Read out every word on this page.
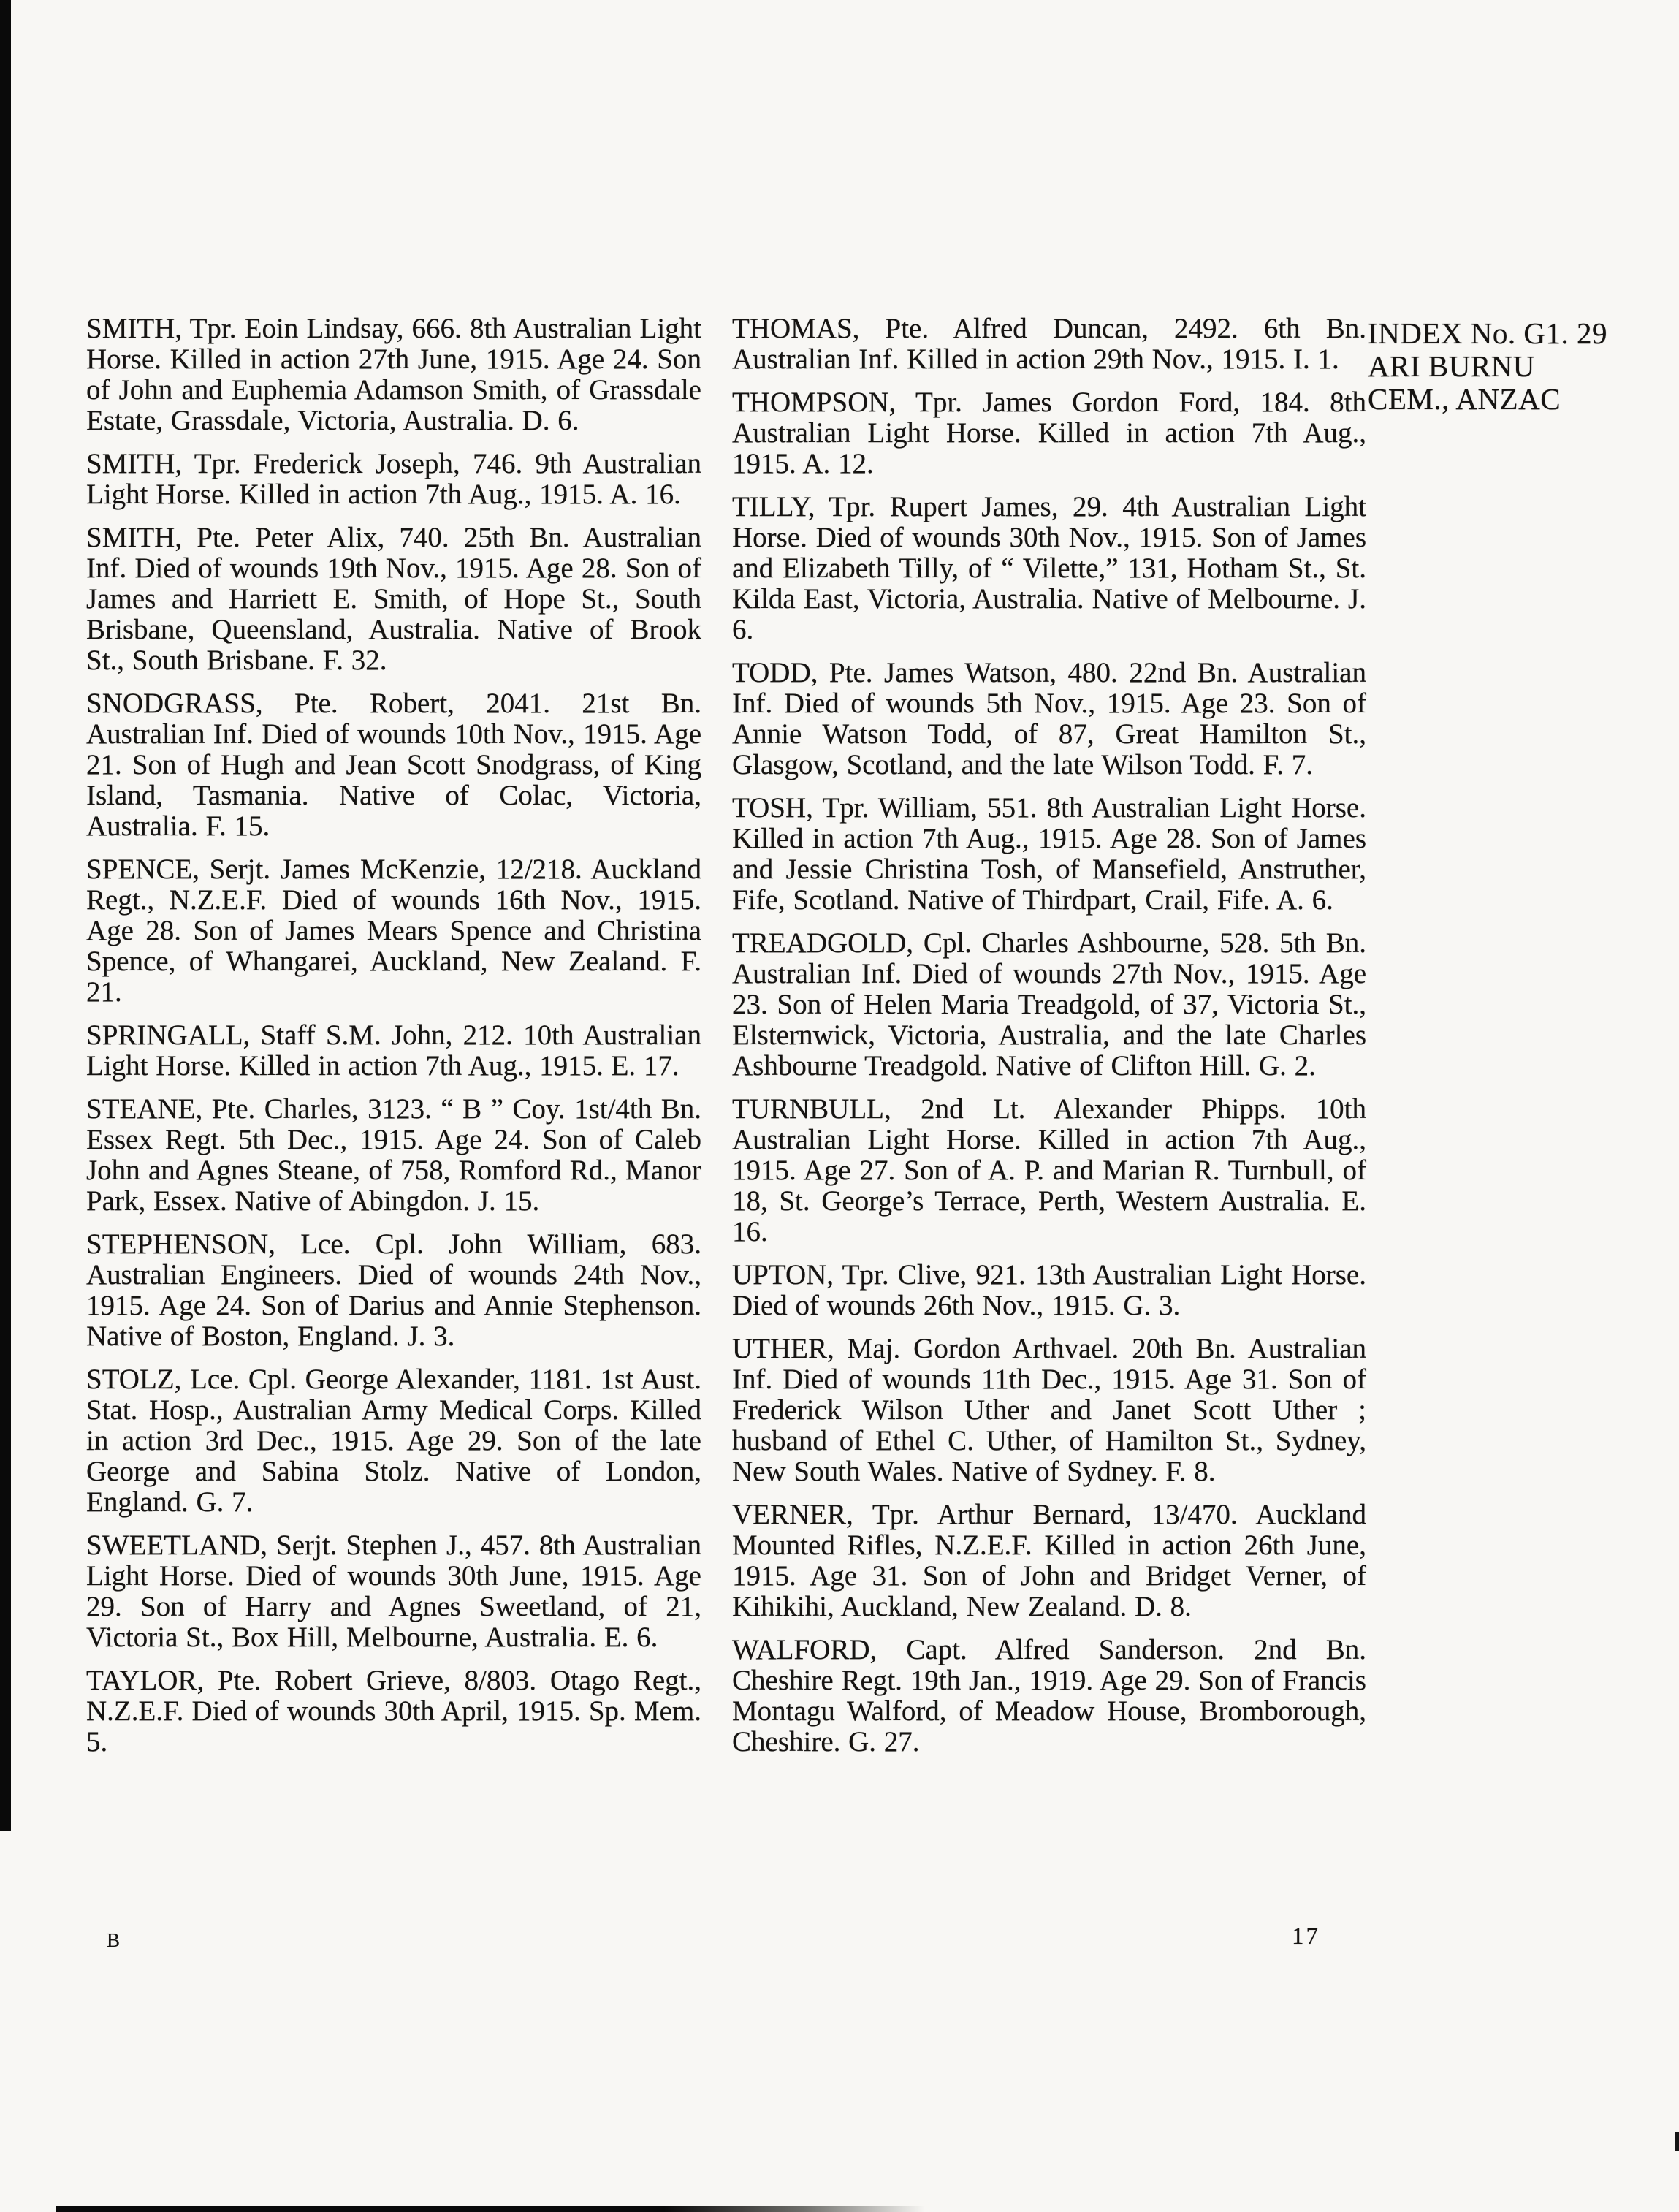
INDEX No. G1. 29
ARI BURNU
CEM., ANZAC

SMITH, Tpr. Eoin Lindsay, 666. 8th Australian Light Horse. Killed in action 27th June, 1915. Age 24. Son of John and Euphemia Adamson Smith, of Grassdale Estate, Grassdale, Victoria, Australia. D. 6.

SMITH, Tpr. Frederick Joseph, 746. 9th Australian Light Horse. Killed in action 7th Aug., 1915. A. 16.

SMITH, Pte. Peter Alix, 740. 25th Bn. Australian Inf. Died of wounds 19th Nov., 1915. Age 28. Son of James and Harriett E. Smith, of Hope St., South Brisbane, Queensland, Australia. Native of Brook St., South Brisbane. F. 32.

SNODGRASS, Pte. Robert, 2041. 21st Bn. Australian Inf. Died of wounds 10th Nov., 1915. Age 21. Son of Hugh and Jean Scott Snodgrass, of King Island, Tasmania. Native of Colac, Victoria, Australia. F. 15.

SPENCE, Serjt. James McKenzie, 12/218. Auckland Regt., N.Z.E.F. Died of wounds 16th Nov., 1915. Age 28. Son of James Mears Spence and Christina Spence, of Whangarei, Auckland, New Zealand. F. 21.

SPRINGALL, Staff S.M. John, 212. 10th Australian Light Horse. Killed in action 7th Aug., 1915. E. 17.

STEANE, Pte. Charles, 3123. “ B ” Coy. 1st/4th Bn. Essex Regt. 5th Dec., 1915. Age 24. Son of Caleb John and Agnes Steane, of 758, Romford Rd., Manor Park, Essex. Native of Abingdon. J. 15.

STEPHENSON, Lce. Cpl. John William, 683. Australian Engineers. Died of wounds 24th Nov., 1915. Age 24. Son of Darius and Annie Stephenson. Native of Boston, England. J. 3.

STOLZ, Lce. Cpl. George Alexander, 1181. 1st Aust. Stat. Hosp., Australian Army Medical Corps. Killed in action 3rd Dec., 1915. Age 29. Son of the late George and Sabina Stolz. Native of London, England. G. 7.

SWEETLAND, Serjt. Stephen J., 457. 8th Australian Light Horse. Died of wounds 30th June, 1915. Age 29. Son of Harry and Agnes Sweetland, of 21, Victoria St., Box Hill, Melbourne, Australia. E. 6.

TAYLOR, Pte. Robert Grieve, 8/803. Otago Regt., N.Z.E.F. Died of wounds 30th April, 1915. Sp. Mem. 5.

THOMAS, Pte. Alfred Duncan, 2492. 6th Bn. Australian Inf. Killed in action 29th Nov., 1915. I. 1.

THOMPSON, Tpr. James Gordon Ford, 184. 8th Australian Light Horse. Killed in action 7th Aug., 1915. A. 12.

TILLY, Tpr. Rupert James, 29. 4th Australian Light Horse. Died of wounds 30th Nov., 1915. Son of James and Elizabeth Tilly, of “ Vilette,” 131, Hotham St., St. Kilda East, Victoria, Australia. Native of Melbourne. J. 6.

TODD, Pte. James Watson, 480. 22nd Bn. Australian Inf. Died of wounds 5th Nov., 1915. Age 23. Son of Annie Watson Todd, of 87, Great Hamilton St., Glasgow, Scotland, and the late Wilson Todd. F. 7.

TOSH, Tpr. William, 551. 8th Australian Light Horse. Killed in action 7th Aug., 1915. Age 28. Son of James and Jessie Christina Tosh, of Mansefield, Anstruther, Fife, Scotland. Native of Thirdpart, Crail, Fife. A. 6.

TREADGOLD, Cpl. Charles Ashbourne, 528. 5th Bn. Australian Inf. Died of wounds 27th Nov., 1915. Age 23. Son of Helen Maria Treadgold, of 37, Victoria St., Elsternwick, Victoria, Australia, and the late Charles Ashbourne Treadgold. Native of Clifton Hill. G. 2.

TURNBULL, 2nd Lt. Alexander Phipps. 10th Australian Light Horse. Killed in action 7th Aug., 1915. Age 27. Son of A. P. and Marian R. Turnbull, of 18, St. George’s Terrace, Perth, Western Australia. E. 16.

UPTON, Tpr. Clive, 921. 13th Australian Light Horse. Died of wounds 26th Nov., 1915. G. 3.

UTHER, Maj. Gordon Arthvael. 20th Bn. Australian Inf. Died of wounds 11th Dec., 1915. Age 31. Son of Frederick Wilson Uther and Janet Scott Uther ; husband of Ethel C. Uther, of Hamilton St., Sydney, New South Wales. Native of Sydney. F. 8.

VERNER, Tpr. Arthur Bernard, 13/470. Auckland Mounted Rifles, N.Z.E.F. Killed in action 26th June, 1915. Age 31. Son of John and Bridget Verner, of Kihikihi, Auckland, New Zealand. D. 8.

WALFORD, Capt. Alfred Sanderson. 2nd Bn. Cheshire Regt. 19th Jan., 1919. Age 29. Son of Francis Montagu Walford, of Meadow House, Bromborough, Cheshire. G. 27.

B	17
